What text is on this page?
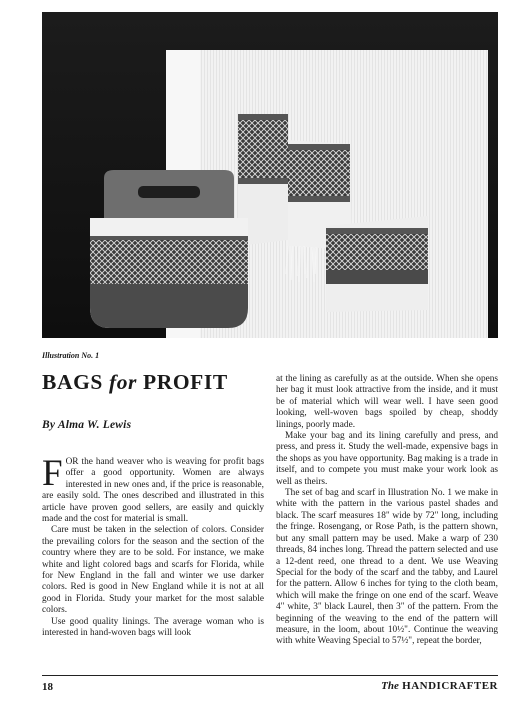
Illustration No. 1

BAGS for PROFIT

By Alma W. Lewis

FOR the hand weaver who is weaving for profit bags offer a good opportunity. Women are always interested in new ones and, if the price is reasonable, are easily sold. The ones described and illustrated in this article have proven good sellers, are easily and quickly made and the cost for material is small.

Care must be taken in the selection of colors. Consider the prevailing colors for the season and the section of the country where they are to be sold. For instance, we make white and light colored bags and scarfs for Florida, while for New England in the fall and winter we use darker colors. Red is good in New England while it is not at all good in Florida. Study your market for the most salable colors.

Use good quality linings. The average woman who is interested in hand-woven bags will look

at the lining as carefully as at the outside. When she opens her bag it must look attractive from the inside, and it must be of material which will wear well. I have seen good looking, well-woven bags spoiled by cheap, shoddy linings, poorly made.

Make your bag and its lining carefully and press, and press, and press it. Study the well-made, expensive bags in the shops as you have opportunity. Bag making is a trade in itself, and to compete you must make your work look as well as theirs.

The set of bag and scarf in Illustration No. 1 we make in white with the pattern in the various pastel shades and black. The scarf measures 18" wide by 72" long, including the fringe. Rosengang, or Rose Path, is the pattern shown, but any small pattern may be used. Make a warp of 230 threads, 84 inches long. Thread the pattern selected and use a 12-dent reed, one thread to a dent. We use Weaving Special for the body of the scarf and the tabby, and Laurel for the pattern. Allow 6 inches for tying to the cloth beam, which will make the fringe on one end of the scarf. Weave 4" white, 3" black Laurel, then 3" of the pattern. From the beginning of the weaving to the end of the pattern will measure, in the loom, about 10½". Continue the weaving with white Weaving Special to 57½", repeat the border,

18	The HANDICRAFTER
